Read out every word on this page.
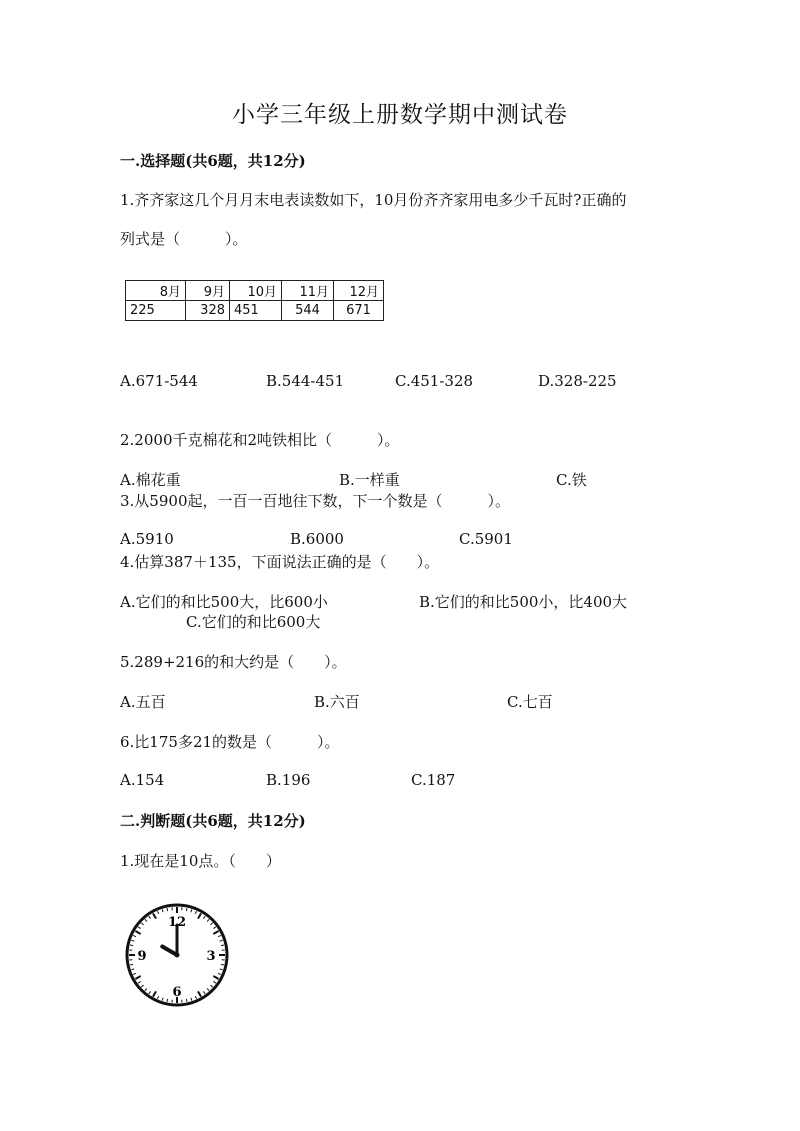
小学三年级上册数学期中测试卷
一.选择题(共6题，共12分)
1.齐齐家这几个月月末电表读数如下，10月份齐齐家用电多少千瓦时?正确的
列式是（　　　）。
8月	9月	10月	11月	12月
225	328	451	544	671
A.671-544	B.544-451	C.451-328	D.328-225
2.2000千克棉花和2吨铁相比（　　　）。
A.棉花重	B.一样重	C.铁
3.从5900起，一百一百地往下数，下一个数是（　　　）。
A.5910	B.6000	C.5901
4.估算387＋135，下面说法正确的是（　　）。
A.它们的和比500大，比600小	B.它们的和比500小，比400大
C.它们的和比600大
5.289+216的和大约是（　　）。
A.五百	B.六百	C.七百
6.比175多21的数是（　　　）。
A.154	B.196	C.187
二.判断题(共6题，共12分)
1.现在是10点。（　　）
12
3
6
9
